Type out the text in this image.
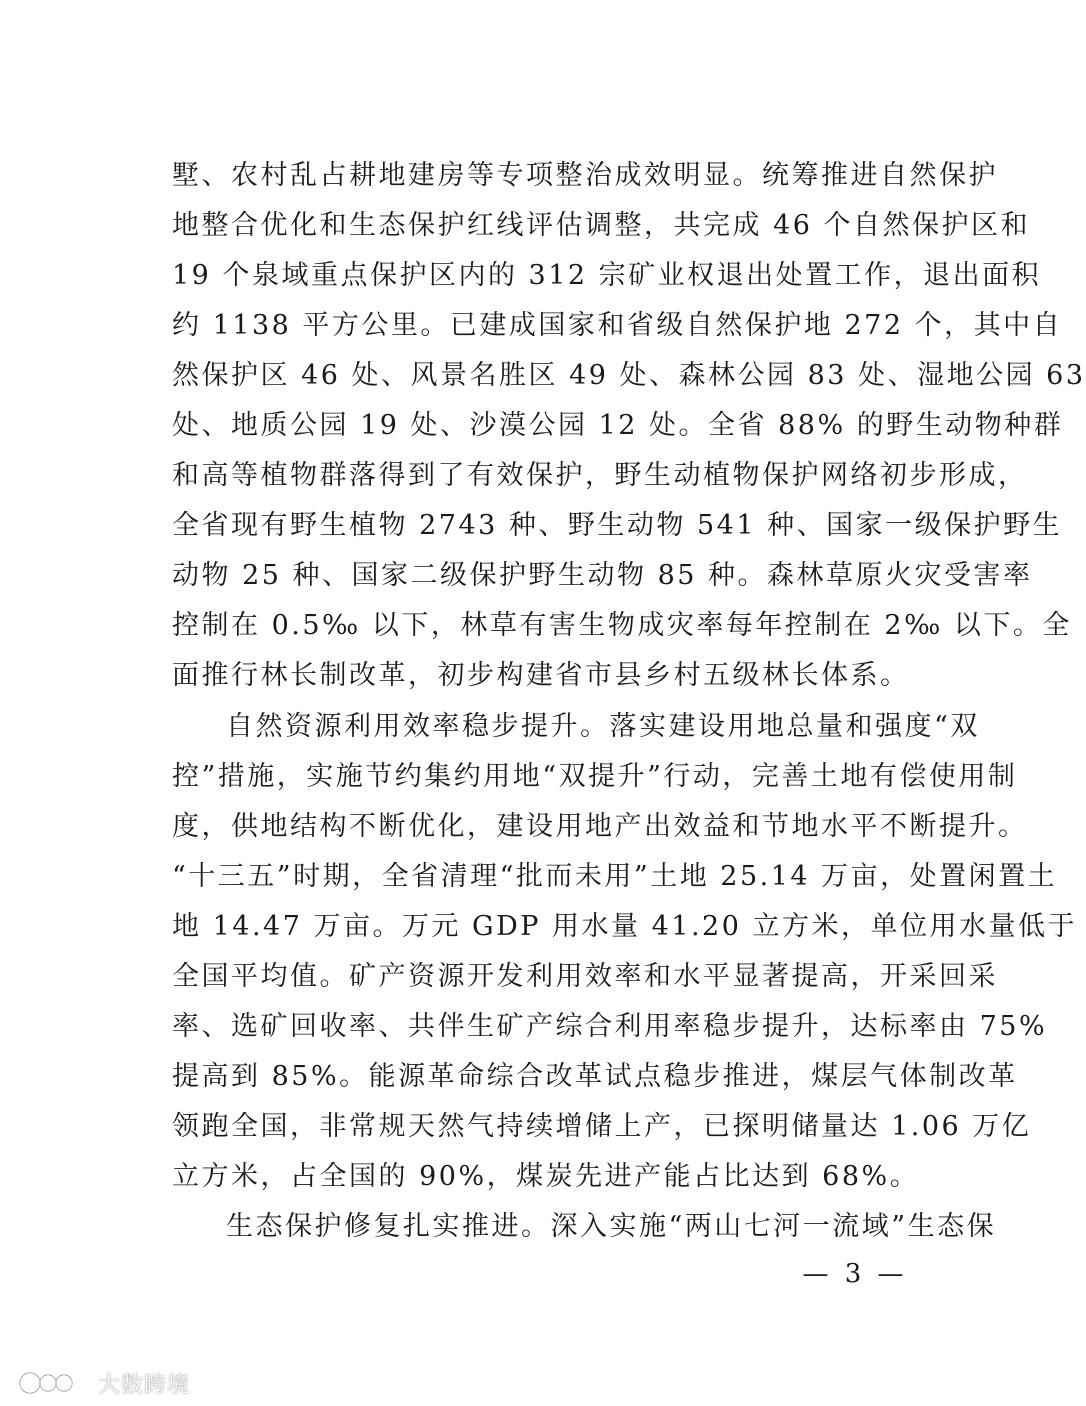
墅、农村乱占耕地建房等专项整治成效明显。统筹推进自然保护
地整合优化和生态保护红线评估调整，共完成 46 个自然保护区和
19 个泉域重点保护区内的 312 宗矿业权退出处置工作，退出面积
约 1138 平方公里。已建成国家和省级自然保护地 272 个，其中自
然保护区 46 处、风景名胜区 49 处、森林公园 83 处、湿地公园 63
处、地质公园 19 处、沙漠公园 12 处。全省 88% 的野生动物种群
和高等植物群落得到了有效保护，野生动植物保护网络初步形成，
全省现有野生植物 2743 种、野生动物 541 种、国家一级保护野生
动物 25 种、国家二级保护野生动物 85 种。森林草原火灾受害率
控制在 0.5‰ 以下，林草有害生物成灾率每年控制在 2‰ 以下。全
面推行林长制改革，初步构建省市县乡村五级林长体系。
自然资源利用效率稳步提升。落实建设用地总量和强度“双
控”措施，实施节约集约用地“双提升”行动，完善土地有偿使用制
度，供地结构不断优化，建设用地产出效益和节地水平不断提升。
“十三五”时期，全省清理“批而未用”土地 25.14 万亩，处置闲置土
地 14.47 万亩。万元 GDP 用水量 41.20 立方米，单位用水量低于
全国平均值。矿产资源开发利用效率和水平显著提高，开采回采
率、选矿回收率、共伴生矿产综合利用率稳步提升，达标率由 75%
提高到 85%。能源革命综合改革试点稳步推进，煤层气体制改革
领跑全国，非常规天然气持续增储上产，已探明储量达 1.06 万亿
立方米，占全国的 90%，煤炭先进产能占比达到 68%。
生态保护修复扎实推进。深入实施“两山七河一流域”生态保
— 3 —
大数跨境
